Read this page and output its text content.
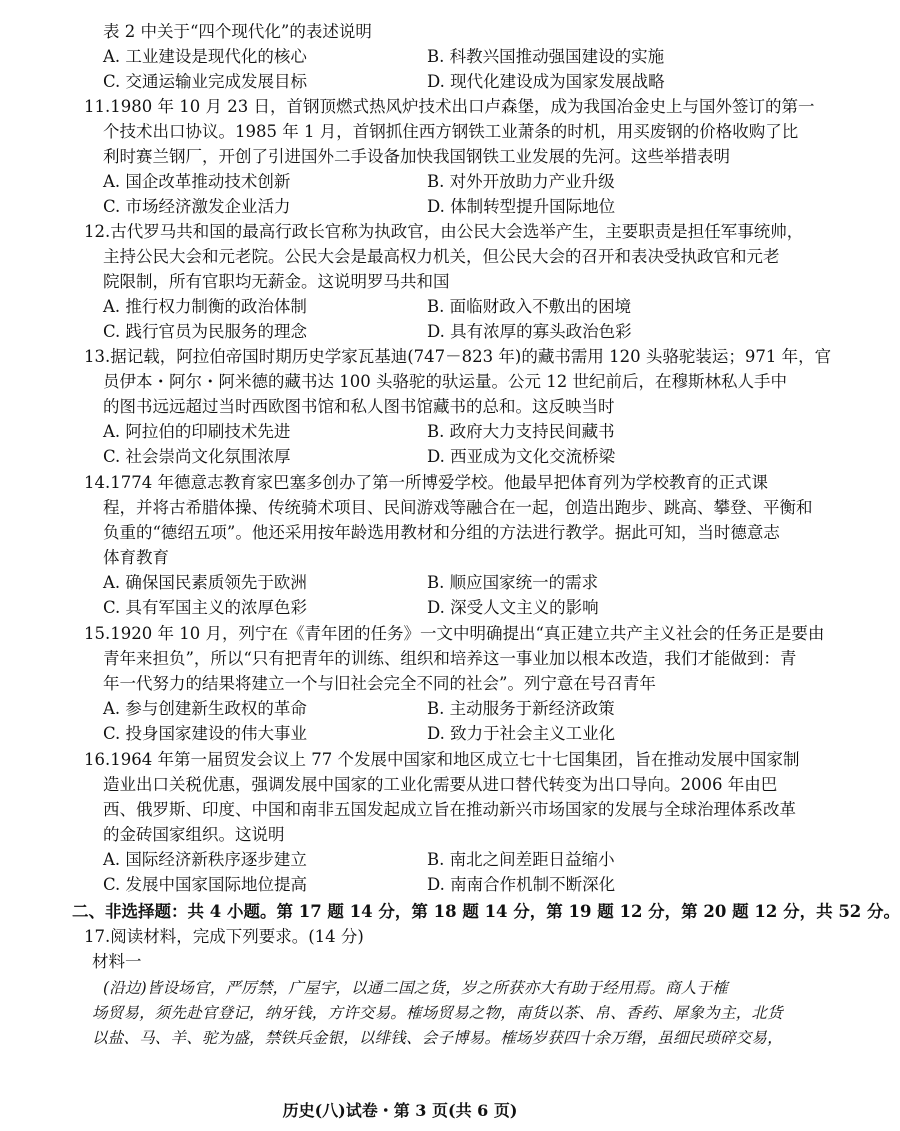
表 2 中关于“四个现代化”的表述说明
A. 工业建设是现代化的核心	B. 科教兴国推动强国建设的实施
C. 交通运输业完成发展目标	D. 现代化建设成为国家发展战略
11.1980 年 10 月 23 日，首钢顶燃式热风炉技术出口卢森堡，成为我国冶金史上与国外签订的第一
个技术出口协议。1985 年 1 月，首钢抓住西方钢铁工业萧条的时机，用买废钢的价格收购了比
利时赛兰钢厂，开创了引进国外二手设备加快我国钢铁工业发展的先河。这些举措表明
A. 国企改革推动技术创新	B. 对外开放助力产业升级
C. 市场经济激发企业活力	D. 体制转型提升国际地位
12.古代罗马共和国的最高行政长官称为执政官，由公民大会选举产生，主要职责是担任军事统帅，
主持公民大会和元老院。公民大会是最高权力机关，但公民大会的召开和表决受执政官和元老
院限制，所有官职均无薪金。这说明罗马共和国
A. 推行权力制衡的政治体制	B. 面临财政入不敷出的困境
C. 践行官员为民服务的理念	D. 具有浓厚的寡头政治色彩
13.据记载，阿拉伯帝国时期历史学家瓦基迪(747－823 年)的藏书需用 120 头骆驼装运；971 年，官
员伊本・阿尔・阿米德的藏书达 100 头骆驼的驮运量。公元 12 世纪前后，在穆斯林私人手中
的图书远远超过当时西欧图书馆和私人图书馆藏书的总和。这反映当时
A. 阿拉伯的印刷技术先进	B. 政府大力支持民间藏书
C. 社会崇尚文化氛围浓厚	D. 西亚成为文化交流桥梁
14.1774 年德意志教育家巴塞多创办了第一所博爱学校。他最早把体育列为学校教育的正式课
程，并将古希腊体操、传统骑术项目、民间游戏等融合在一起，创造出跑步、跳高、攀登、平衡和
负重的“德绍五项”。他还采用按年龄选用教材和分组的方法进行教学。据此可知，当时德意志
体育教育
A. 确保国民素质领先于欧洲	B. 顺应国家统一的需求
C. 具有军国主义的浓厚色彩	D. 深受人文主义的影响
15.1920 年 10 月，列宁在《青年团的任务》一文中明确提出“真正建立共产主义社会的任务正是要由
青年来担负”，所以“只有把青年的训练、组织和培养这一事业加以根本改造，我们才能做到：青
年一代努力的结果将建立一个与旧社会完全不同的社会”。列宁意在号召青年
A. 参与创建新生政权的革命	B. 主动服务于新经济政策
C. 投身国家建设的伟大事业	D. 致力于社会主义工业化
16.1964 年第一届贸发会议上 77 个发展中国家和地区成立七十七国集团，旨在推动发展中国家制
造业出口关税优惠，强调发展中国家的工业化需要从进口替代转变为出口导向。2006 年由巴
西、俄罗斯、印度、中国和南非五国发起成立旨在推动新兴市场国家的发展与全球治理体系改革
的金砖国家组织。这说明
A. 国际经济新秩序逐步建立	B. 南北之间差距日益缩小
C. 发展中国家国际地位提高	D. 南南合作机制不断深化
二、非选择题：共 4 小题。第 17 题 14 分，第 18 题 14 分，第 19 题 12 分，第 20 题 12 分，共 52 分。
17.阅读材料，完成下列要求。(14 分)
材料一
(沿边)皆设场官，严厉禁，广屋宇，以通二国之货，岁之所获亦大有助于经用焉。商人于榷
场贸易，须先赴官登记，纳牙钱，方许交易。榷场贸易之物，南货以茶、帛、香药、犀象为主，北货
以盐、马、羊、驼为盛，禁铁兵金银，以绯钱、会子博易。榷场岁获四十余万缗，虽细民琐碎交易，
历史(八)试卷・第 3 页(共 6 页)
